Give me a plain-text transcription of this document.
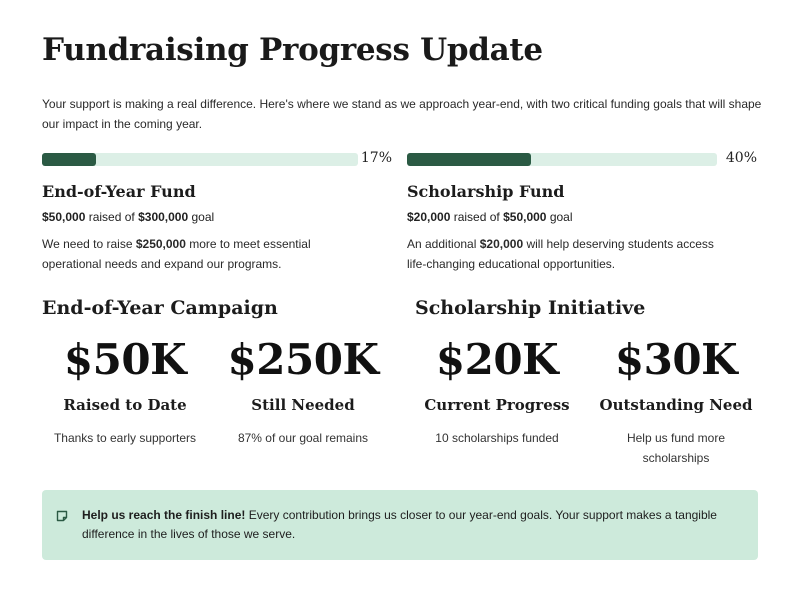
Fundraising Progress Update

Your support is making a real difference. Here's where we stand as we approach year-end, with two critical funding goals that will shape our impact in the coming year.

17%
End-of-Year Fund
$50,000 raised of $300,000 goal
We need to raise $250,000 more to meet essential operational needs and expand our programs.
40%
Scholarship Fund
$20,000 raised of $50,000 goal
An additional $20,000 will help deserving students access life-changing educational opportunities.
End-of-Year Campaign	Scholarship Initiative
$50K
Raised to Date
Thanks to early supporters
$250K
Still Needed
87% of our goal remains
$20K
Current Progress
10 scholarships funded
$30K
Outstanding Need
Help us fund more scholarships
Help us reach the finish line! Every contribution brings us closer to our year-end goals. Your support makes a tangible difference in the lives of those we serve.
